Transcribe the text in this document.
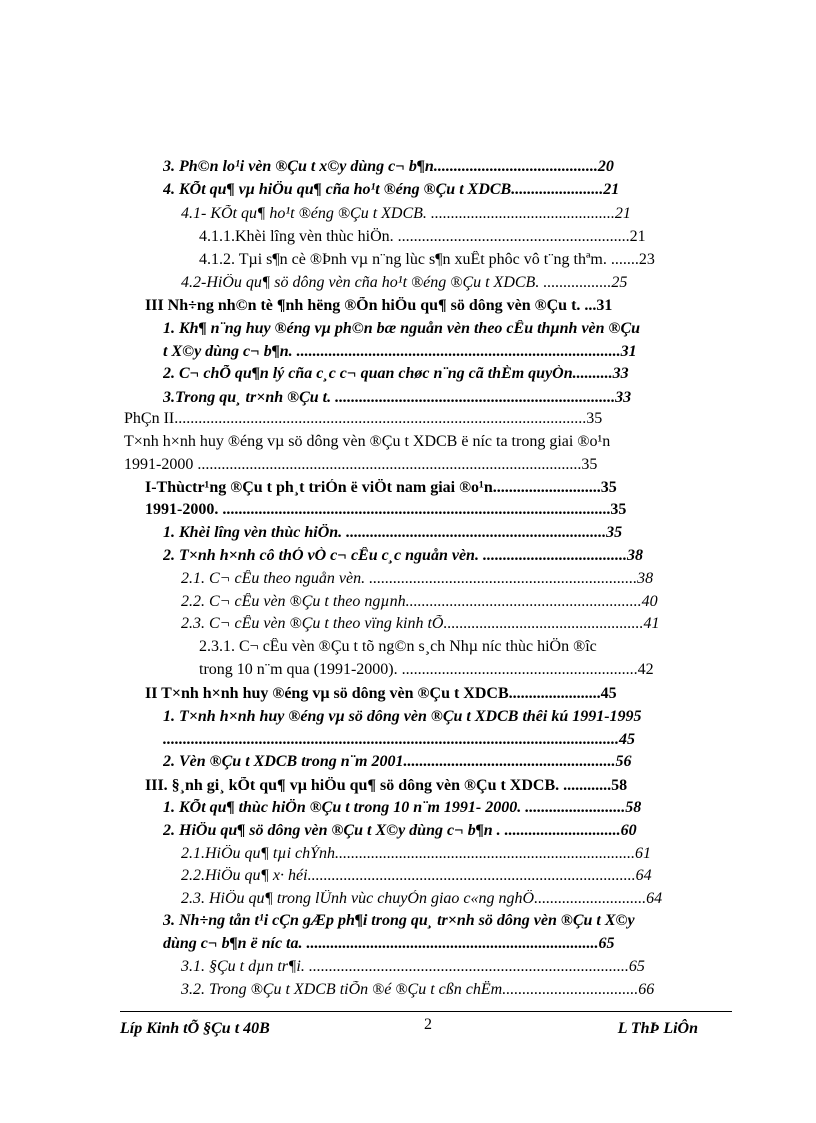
3. Ph©n lo¹i vèn ®Çu t x©y dùng c¬ b¶n.........................................20
4. KÕt qu¶ vµ hiÖu qu¶ cña ho¹t ®éng ®Çu t XDCB.......................21
4.1- KÕt qu¶ ho¹t ®éng ®Çu t XDCB. ..............................................21
4.1.1.Khèi lîng vèn thùc hiÖn. ..........................................................21
4.1.2. Tµi s¶n cè ®Þnh vµ n¨ng lùc s¶n xuÊt phôc vô t¨ng thªm. .......23
4.2-HiÖu qu¶ sö dông vèn cña ho¹t ®éng ®Çu t XDCB. .................25
III Nh÷ng nh©n tè ¶nh hëng ®Õn hiÖu qu¶ sö dông vèn ®Çu t. ...31
1. Kh¶ n¨ng huy ®éng vµ ph©n bæ nguån vèn theo cÊu thµnh vèn ®Çu
t X©y dùng c¬ b¶n. .................................................................................31
2. C¬ chÕ qu¶n lý cña c¸c c¬ quan chøc n¨ng cã thÈm quyÒn..........33
3.Trong qu¸ tr×nh ®Çu t. ......................................................................33
PhÇn II.......................................................................................................35
T×nh h×nh huy ®éng vµ sö dông vèn ®Çu t XDCB ë níc ta trong giai ®o¹n
1991-2000 ................................................................................................35
I-Thùctr¹ng ®Çu t ph¸t triÓn ë viÖt nam giai ®o¹n...........................35
1991-2000. .................................................................................................35
1. Khèi lîng vèn thùc hiÖn. .................................................................35
2. T×nh h×nh cô thÓ vÒ c¬ cÊu c¸c nguån vèn. ....................................38
2.1. C¬ cÊu theo nguån vèn. ...................................................................38
2.2. C¬ cÊu vèn ®Çu t theo ngµnh...........................................................40
2.3. C¬ cÊu vèn ®Çu t theo vïng kinh tÕ..................................................41
2.3.1. C¬ cÊu vèn ®Çu t tõ ng©n s¸ch Nhµ níc thùc hiÖn ®îc
trong 10 n¨m qua (1991-2000). ...........................................................42
II T×nh h×nh huy ®éng vµ sö dông vèn ®Çu t XDCB.......................45
1. T×nh h×nh huy ®éng vµ sö dông vèn ®Çu t XDCB thêi kú 1991-1995
..................................................................................................................45
2. Vèn ®Çu t XDCB trong n¨m 2001.....................................................56
III. §¸nh gi¸ kÕt qu¶ vµ hiÖu qu¶ sö dông vèn ®Çu t XDCB. ............58
1. KÕt qu¶ thùc hiÖn ®Çu t trong 10 n¨m 1991- 2000. .........................58
2. HiÖu qu¶ sö dông vèn ®Çu t X©y dùng c¬ b¶n . .............................60
2.1.HiÖu qu¶ tµi chÝnh...........................................................................61
2.2.HiÖu qu¶ x· héi..................................................................................64
2.3. HiÖu qu¶ trong lÜnh vùc chuyÓn giao c«ng nghÖ............................64
3. Nh÷ng tån t¹i cÇn gÆp ph¶i trong qu¸ tr×nh sö dông vèn ®Çu t X©y
dùng c¬ b¶n ë níc ta. .........................................................................65
3.1. §Çu t dµn tr¶i. ................................................................................65
3.2. Trong ®Çu t XDCB tiÕn ®é ®Çu t cßn chËm..................................66
Líp Kinh tÕ §Çu t 40B	2	L ThÞ LiÔn
